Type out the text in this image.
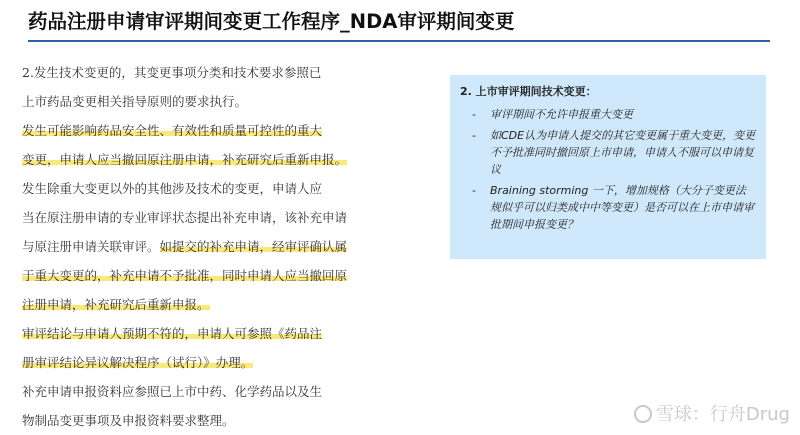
药品注册申请审评期间变更工作程序_NDA审评期间变更
2.发生技术变更的，其变更事项分类和技术要求参照已
上市药品变更相关指导原则的要求执行。
发生可能影响药品安全性、有效性和质量可控性的重大
变更，申请人应当撤回原注册申请，补充研究后重新申报。
发生除重大变更以外的其他涉及技术的变更，申请人应
当在原注册申请的专业审评状态提出补充申请，该补充申请
与原注册申请关联审评。如提交的补充申请，经审评确认属
于重大变更的，补充申请不予批准，同时申请人应当撤回原
注册申请，补充研究后重新申报。
审评结论与申请人预期不符的，申请人可参照《药品注
册审评结论异议解决程序（试行）》办理。
补充申请申报资料应参照已上市中药、化学药品以及生
物制品变更事项及申报资料要求整理。
2. 上市审评期间技术变更：
- 审评期间不允许申报重大变更
- 如CDE认为申请人提交的其它变更属于重大变更，变更不予批准同时撤回原上市申请，申请人不服可以申请复议
- Braining storming 一下，增加规格（大分子变更法规似乎可以归类成中中等变更）是否可以在上市申请审批期间申报变更？
雪球：行舟Drug
